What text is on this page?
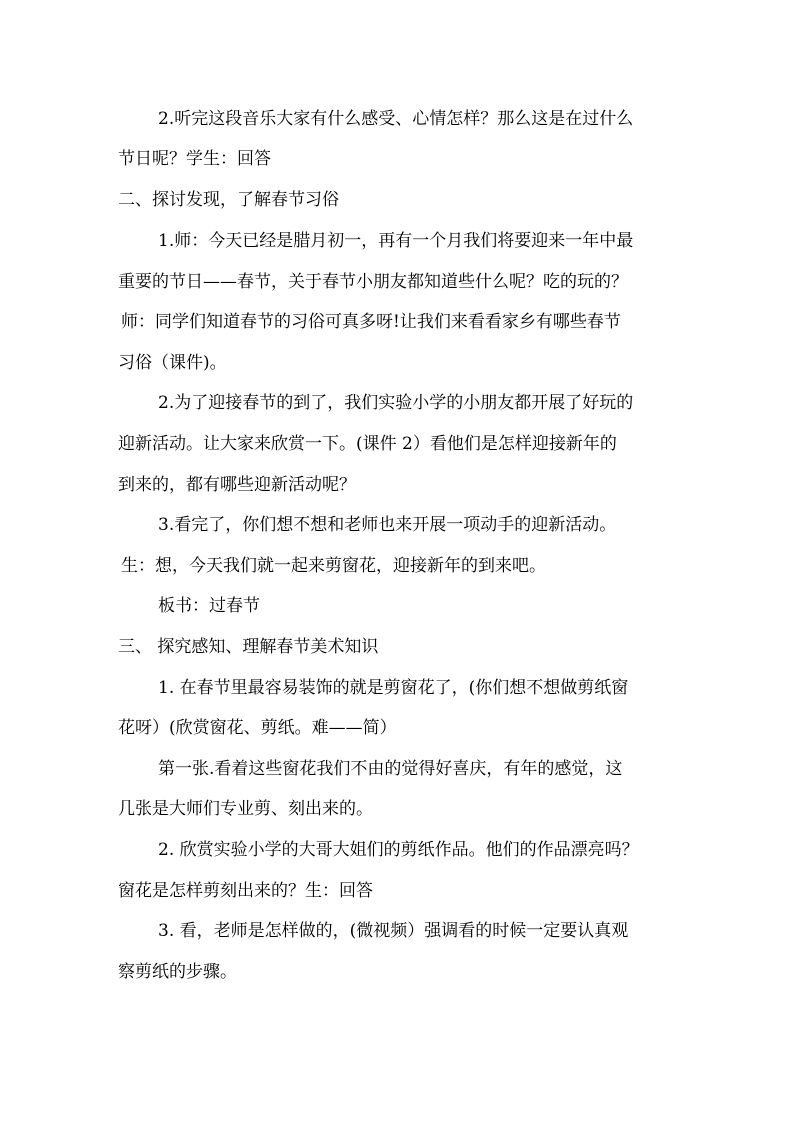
2.听完这段音乐大家有什么感受、心情怎样？那么这是在过什么
节日呢？学生：回答
二、探讨发现，了解春节习俗
1.师：今天已经是腊月初一，再有一个月我们将要迎来一年中最
重要的节日——春节，关于春节小朋友都知道些什么呢？吃的玩的？
师：同学们知道春节的习俗可真多呀!让我们来看看家乡有哪些春节
习俗（课件)。
2.为了迎接春节的到了，我们实验小学的小朋友都开展了好玩的
迎新活动。让大家来欣赏一下。(课件 2）看他们是怎样迎接新年的
到来的，都有哪些迎新活动呢？
3.看完了，你们想不想和老师也来开展一项动手的迎新活动。
生：想，今天我们就一起来剪窗花，迎接新年的到来吧。
板书：过春节
三、 探究感知、理解春节美术知识
1. 在春节里最容易装饰的就是剪窗花了，(你们想不想做剪纸窗
花呀）(欣赏窗花、剪纸。难——简）
第一张.看着这些窗花我们不由的觉得好喜庆，有年的感觉，这
几张是大师们专业剪、刻出来的。
2. 欣赏实验小学的大哥大姐们的剪纸作品。他们的作品漂亮吗？
窗花是怎样剪刻出来的？生：回答
3. 看，老师是怎样做的，(微视频）强调看的时候一定要认真观
察剪纸的步骤。
